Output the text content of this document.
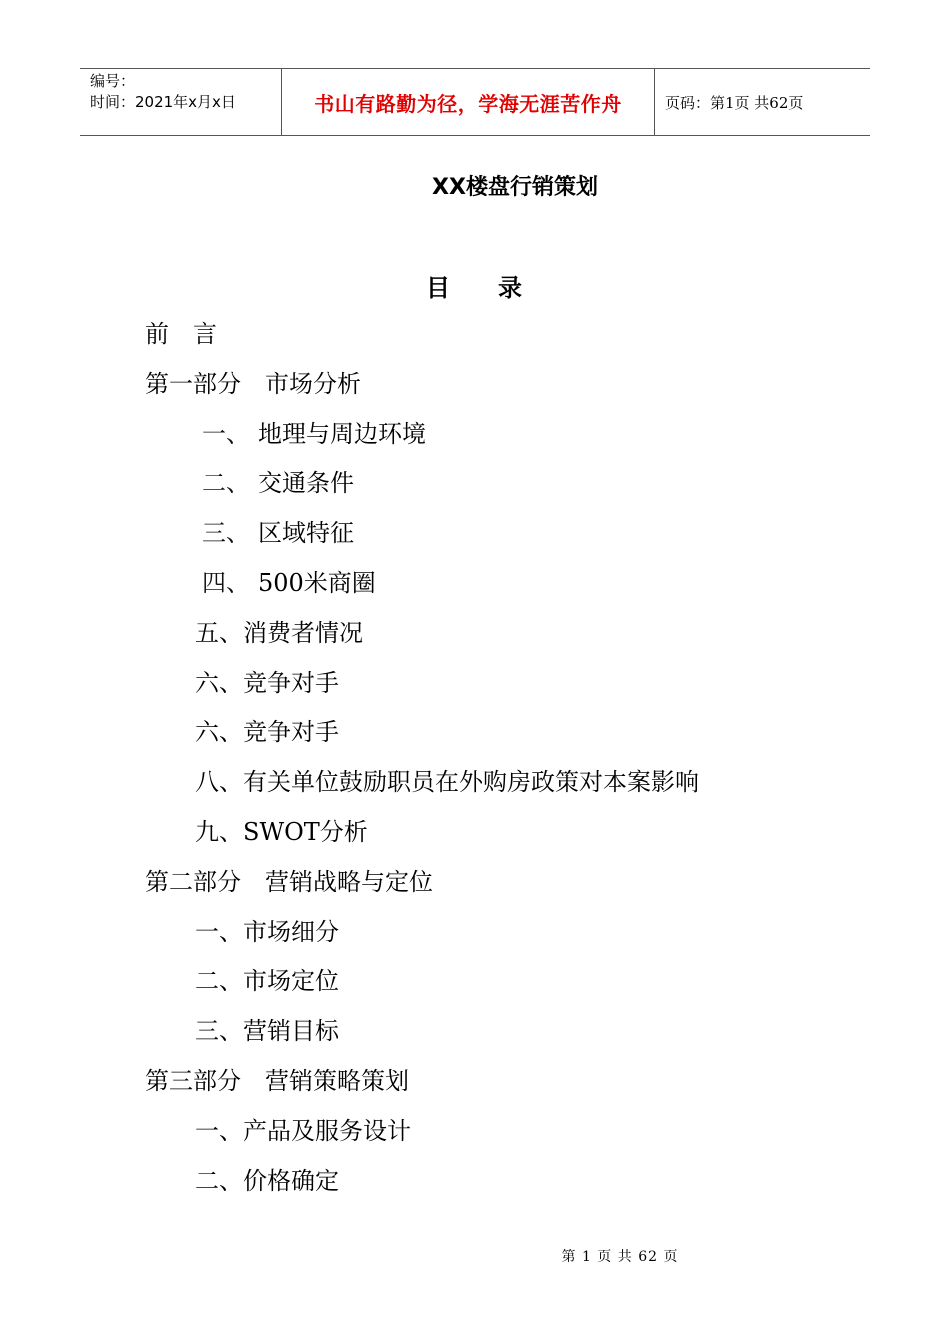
编号：
时间：2021年x月x日	书山有路勤为径，学海无涯苦作舟	页码：第1页 共62页
XX楼盘行销策划
目录
前　言
第一部分　市场分析
一、 地理与周边环境
二、 交通条件
三、 区域特征
四、 500米商圈
五、消费者情况
六、竞争对手
六、竞争对手
八、有关单位鼓励职员在外购房政策对本案影响
九、SWOT分析
第二部分　营销战略与定位
一、市场细分
二、市场定位
三、营销目标
第三部分　营销策略策划
一、产品及服务设计
二、价格确定
第 1 页 共 62 页
